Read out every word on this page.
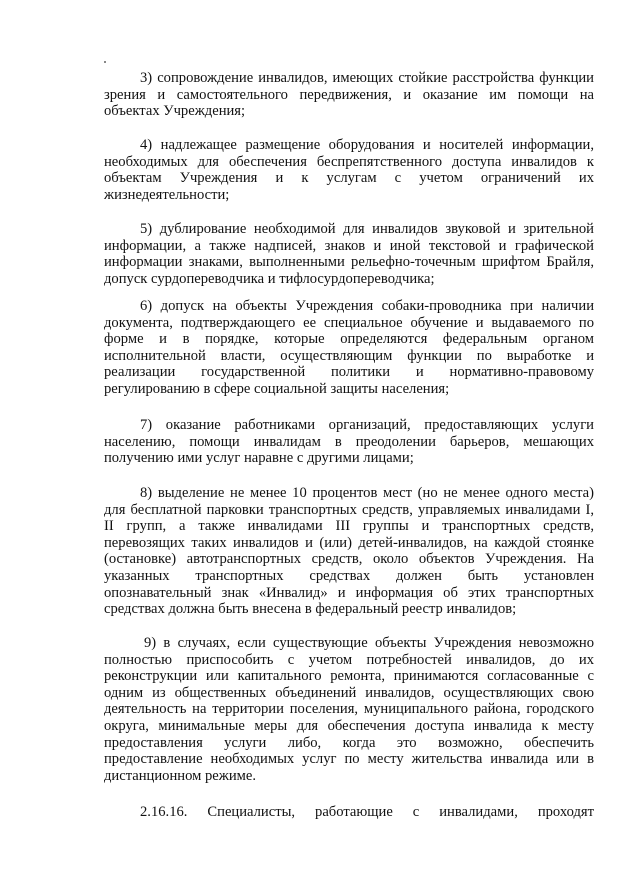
3) сопровождение инвалидов, имеющих стойкие расстройства функции
зрения и самостоятельного передвижения, и оказание им помощи на
объектах Учреждения;
4) надлежащее размещение оборудования и носителей информации,
необходимых для обеспечения беспрепятственного доступа инвалидов к
объектам Учреждения и к услугам с учетом ограничений их
жизнедеятельности;
5) дублирование необходимой для инвалидов звуковой и зрительной
информации, а также надписей, знаков и иной текстовой и графической
информации знаками, выполненными рельефно-точечным шрифтом Брайля,
допуск сурдопереводчика и тифлосурдопереводчика;
6) допуск на объекты Учреждения собаки-проводника при наличии
документа, подтверждающего ее специальное обучение и выдаваемого по
форме и в порядке, которые определяются федеральным органом
исполнительной власти, осуществляющим функции по выработке и
реализации государственной политики и нормативно-правовому
регулированию в сфере социальной защиты населения;
7) оказание работниками организаций, предоставляющих услуги
населению, помощи инвалидам в преодолении барьеров, мешающих
получению ими услуг наравне с другими лицами;
8) выделение не менее 10 процентов мест (но не менее одного места)
для бесплатной парковки транспортных средств, управляемых инвалидами I,
II групп, а также инвалидами III группы и транспортных средств,
перевозящих таких инвалидов и (или) детей-инвалидов, на каждой стоянке
(остановке) автотранспортных средств, около объектов Учреждения. На
указанных транспортных средствах должен быть установлен
опознавательный знак «Инвалид» и информация об этих транспортных
средствах должна быть внесена в федеральный реестр инвалидов;
9) в случаях, если существующие объекты Учреждения невозможно
полностью приспособить с учетом потребностей инвалидов, до их
реконструкции или капитального ремонта, принимаются согласованные с
одним из общественных объединений инвалидов, осуществляющих свою
деятельность на территории поселения, муниципального района, городского
округа, минимальные меры для обеспечения доступа инвалида к месту
предоставления услуги либо, когда это возможно, обеспечить
предоставление необходимых услуг по месту жительства инвалида или в
дистанционном режиме.
2.16.16. Специалисты, работающие с инвалидами, проходят
